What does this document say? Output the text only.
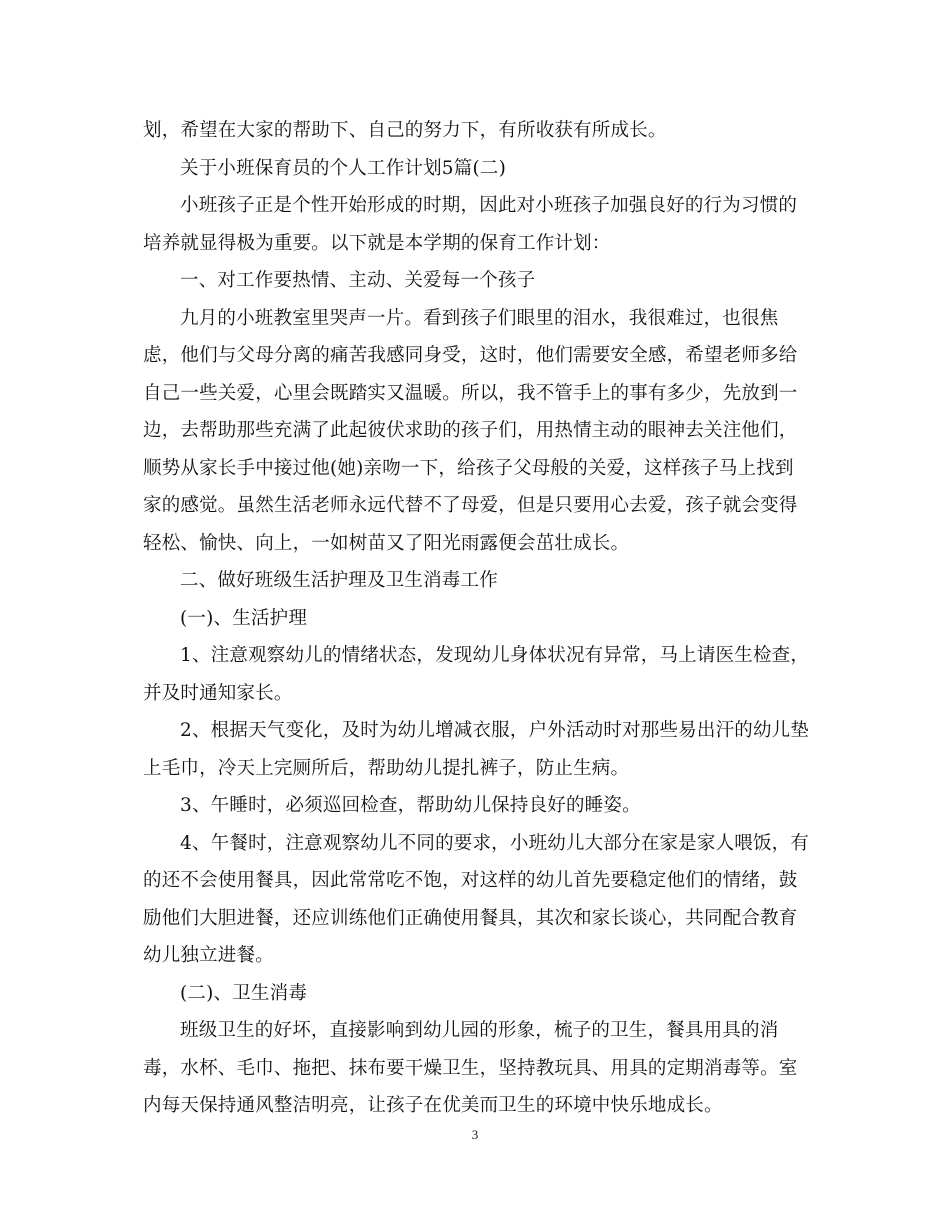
划，希望在大家的帮助下、自己的努力下，有所收获有所成长。
关于小班保育员的个人工作计划5篇(二)
小班孩子正是个性开始形成的时期，因此对小班孩子加强良好的行为习惯的
培养就显得极为重要。以下就是本学期的保育工作计划：
一、对工作要热情、主动、关爱每一个孩子
九月的小班教室里哭声一片。看到孩子们眼里的泪水，我很难过，也很焦
虑，他们与父母分离的痛苦我感同身受，这时，他们需要安全感，希望老师多给
自己一些关爱，心里会既踏实又温暖。所以，我不管手上的事有多少，先放到一
边，去帮助那些充满了此起彼伏求助的孩子们，用热情主动的眼神去关注他们，
顺势从家长手中接过他(她)亲吻一下，给孩子父母般的关爱，这样孩子马上找到
家的感觉。虽然生活老师永远代替不了母爱，但是只要用心去爱，孩子就会变得
轻松、愉快、向上，一如树苗又了阳光雨露便会茁壮成长。
二、做好班级生活护理及卫生消毒工作
(一)、生活护理
1、注意观察幼儿的情绪状态，发现幼儿身体状况有异常，马上请医生检查，
并及时通知家长。
2、根据天气变化，及时为幼儿增减衣服，户外活动时对那些易出汗的幼儿垫
上毛巾，冷天上完厕所后，帮助幼儿提扎裤子，防止生病。
3、午睡时，必须巡回检查，帮助幼儿保持良好的睡姿。
4、午餐时，注意观察幼儿不同的要求，小班幼儿大部分在家是家人喂饭，有
的还不会使用餐具，因此常常吃不饱，对这样的幼儿首先要稳定他们的情绪，鼓
励他们大胆进餐，还应训练他们正确使用餐具，其次和家长谈心，共同配合教育
幼儿独立进餐。
(二)、卫生消毒
班级卫生的好坏，直接影响到幼儿园的形象，梳子的卫生，餐具用具的消
毒，水杯、毛巾、拖把、抹布要干燥卫生，坚持教玩具、用具的定期消毒等。室
内每天保持通风整洁明亮，让孩子在优美而卫生的环境中快乐地成长。
3
